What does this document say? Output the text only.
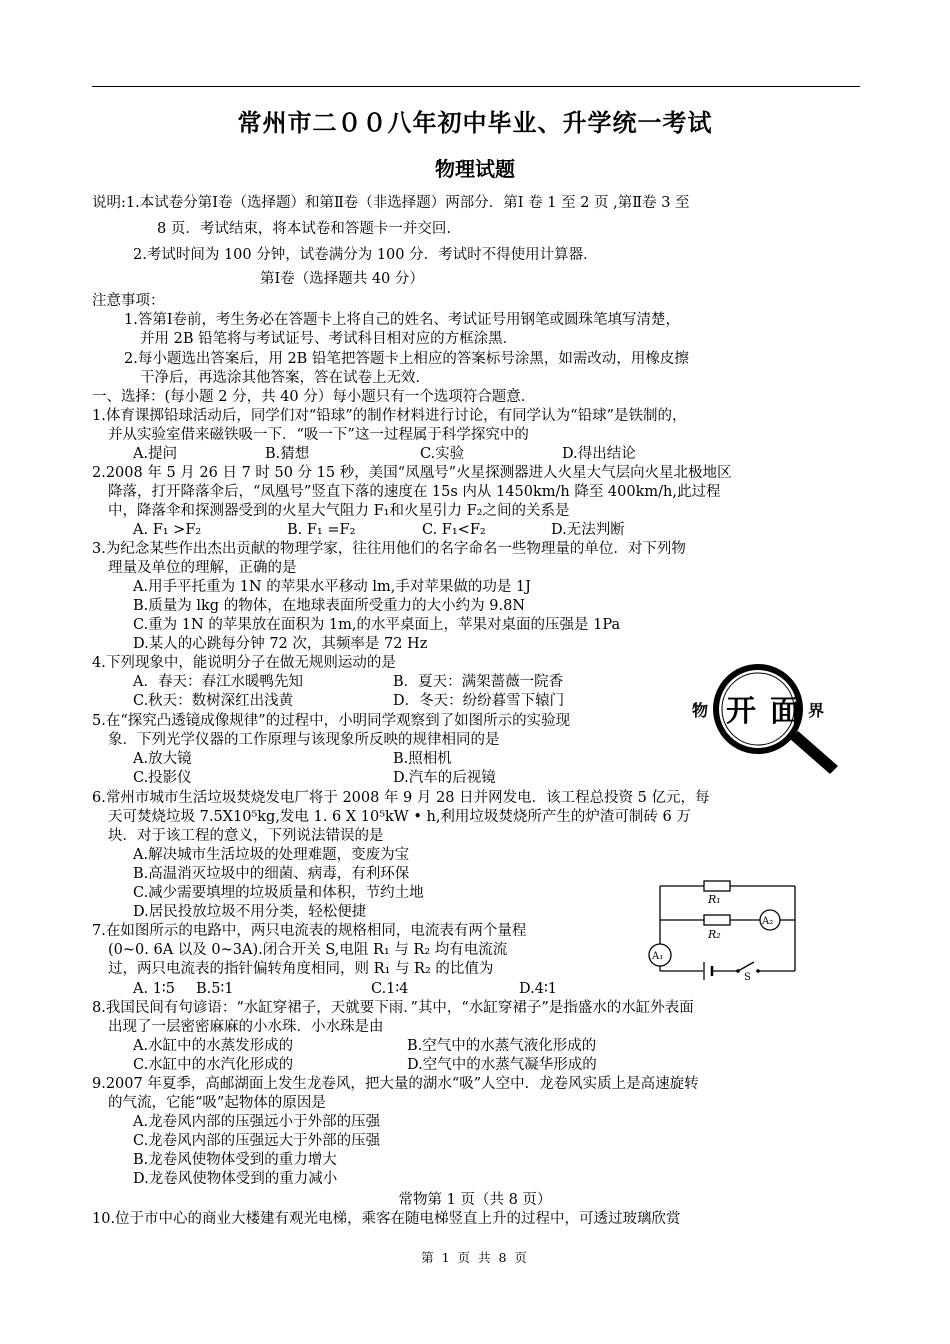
常州市二００八年初中毕业、升学统一考试
物理试题
说明:1.本试卷分第Ⅰ卷（选择题）和第Ⅱ卷（非选择题）两部分．第Ⅰ 卷 1 至 2 页 ,第Ⅱ卷 3 至
8 页．考试结束，将本试卷和答题卡一并交回.
2.考试时间为 100 分钟，试卷满分为 100 分．考试时不得使用计算器．
第Ⅰ卷（选择题共 40 分）
注意事项：
1.答第Ⅰ卷前，考生务必在答题卡上将自己的姓名、考试证号用钢笔或圆珠笔填写清楚，
并用 2B 铅笔将与考试证号、考试科目相对应的方框涂黑．
2.每小题选出答案后，用 2B 铅笔把答题卡上相应的答案标号涂黑，如需改动，用橡皮擦
干净后，再选涂其他答案，答在试卷上无效．
一、选择：(每小题 2 分，共 40 分）每小题只有一个选项符合题意．
1.体育课掷铅球活动后，同学们对“铅球”的制作材料进行讨论，有同学认为“铅球”是铁制的，
并从实验室借来磁铁吸一下．“吸一下”这一过程属于科学探究中的
A.提问	B.猜想	C.实验	D.得出结论
2.2008 年 5 月 26 日 7 时 50 分 15 秒，美国“凤凰号”火星探测器进人火星大气层向火星北极地区
降落，打开降落伞后，“凤凰号”竖直下落的速度在 15s 内从 1450km/h 降至 400km/h,此过程
中，降落伞和探测器受到的火星大气阻力 F₁和火星引力 F₂之间的关系是
A. F₁ >F₂	B. F₁ =F₂	C. F₁<F₂	D.无法判断
3.为纪念某些作出杰出贡献的物理学家，往往用他们的名字命名一些物理量的单位．对下列物
理量及单位的理解，正确的是
A.用手平托重为 1N 的苹果水平移动 lm,手对苹果做的功是 1J
B.质量为 lkg 的物体，在地球表面所受重力的大小约为 9.8N
C.重为 1N 的苹果放在面积为 1m,的水平桌面上，苹果对桌面的压强是 1Pa
D.某人的心跳每分钟 72 次，其频率是 72 Hz
4.下列现象中，能说明分子在做无规则运动的是
A．春天：春江水暖鸭先知	B．夏天：满架蔷薇一院香
C.秋天：数树深红出浅黄	D．冬天：纷纷暮雪下辕门
5.在“探究凸透镜成像规律”的过程中，小明同学观察到了如图所示的实验现
象．下列光学仪器的工作原理与该现象所反映的规律相同的是
A.放大镜	B.照相机
C.投影仪	D.汽车的后视镜
物 开 面 界
6.常州市城市生活垃圾焚烧发电厂将于 2008 年 9 月 28 日并网发电．该工程总投资 5 亿元，每
天可焚烧垃圾 7.5X10⁵kg,发电 1. 6 X 10⁵kW • h,利用垃圾焚烧所产生的炉渣可制砖 6 万
块．对于该工程的意义，下列说法错误的是
A.解决城市生活垃圾的处理难题，变废为宝
B.高温消灭垃圾中的细菌、病毒，有利环保
C.减少需要填埋的垃圾质量和体积，节约土地
D.居民投放垃圾不用分类，轻松便捷
R₁
R₂
A₂
A₁
S
7.在如图所示的电路中，两只电流表的规格相同，电流表有两个量程
(0~0. 6A 以及 0~3A).闭合开关 S,电阻 R₁ 与 R₂ 均有电流流
过，两只电流表的指针偏转角度相同，则 R₁ 与 R₂ 的比值为
A. 1∶5 B.5∶1	C.1∶4	D.4∶1
8.我国民间有句谚语：“水缸穿裙子，天就要下雨．”其中，“水缸穿裙子”是指盛水的水缸外表面
出现了一层密密麻麻的小水珠．小水珠是由
A.水缸中的水蒸发形成的	B.空气中的水蒸气液化形成的
C.水缸中的水汽化形成的	D.空气中的水蒸气凝华形成的
9.2007 年夏季，高邮湖面上发生龙卷风，把大量的湖水“吸”人空中．龙卷风实质上是高速旋转
的气流，它能“吸”起物体的原因是
A.龙卷风内部的压强远小于外部的压强
C.龙卷风内部的压强远大于外部的压强
B.龙卷风使物体受到的重力增大
D.龙卷风使物体受到的重力减小
常物第 1 页（共 8 页）
10.位于市中心的商业大楼建有观光电梯，乘客在随电梯竖直上升的过程中，可透过玻璃欣赏
第 1 页 共 8 页
